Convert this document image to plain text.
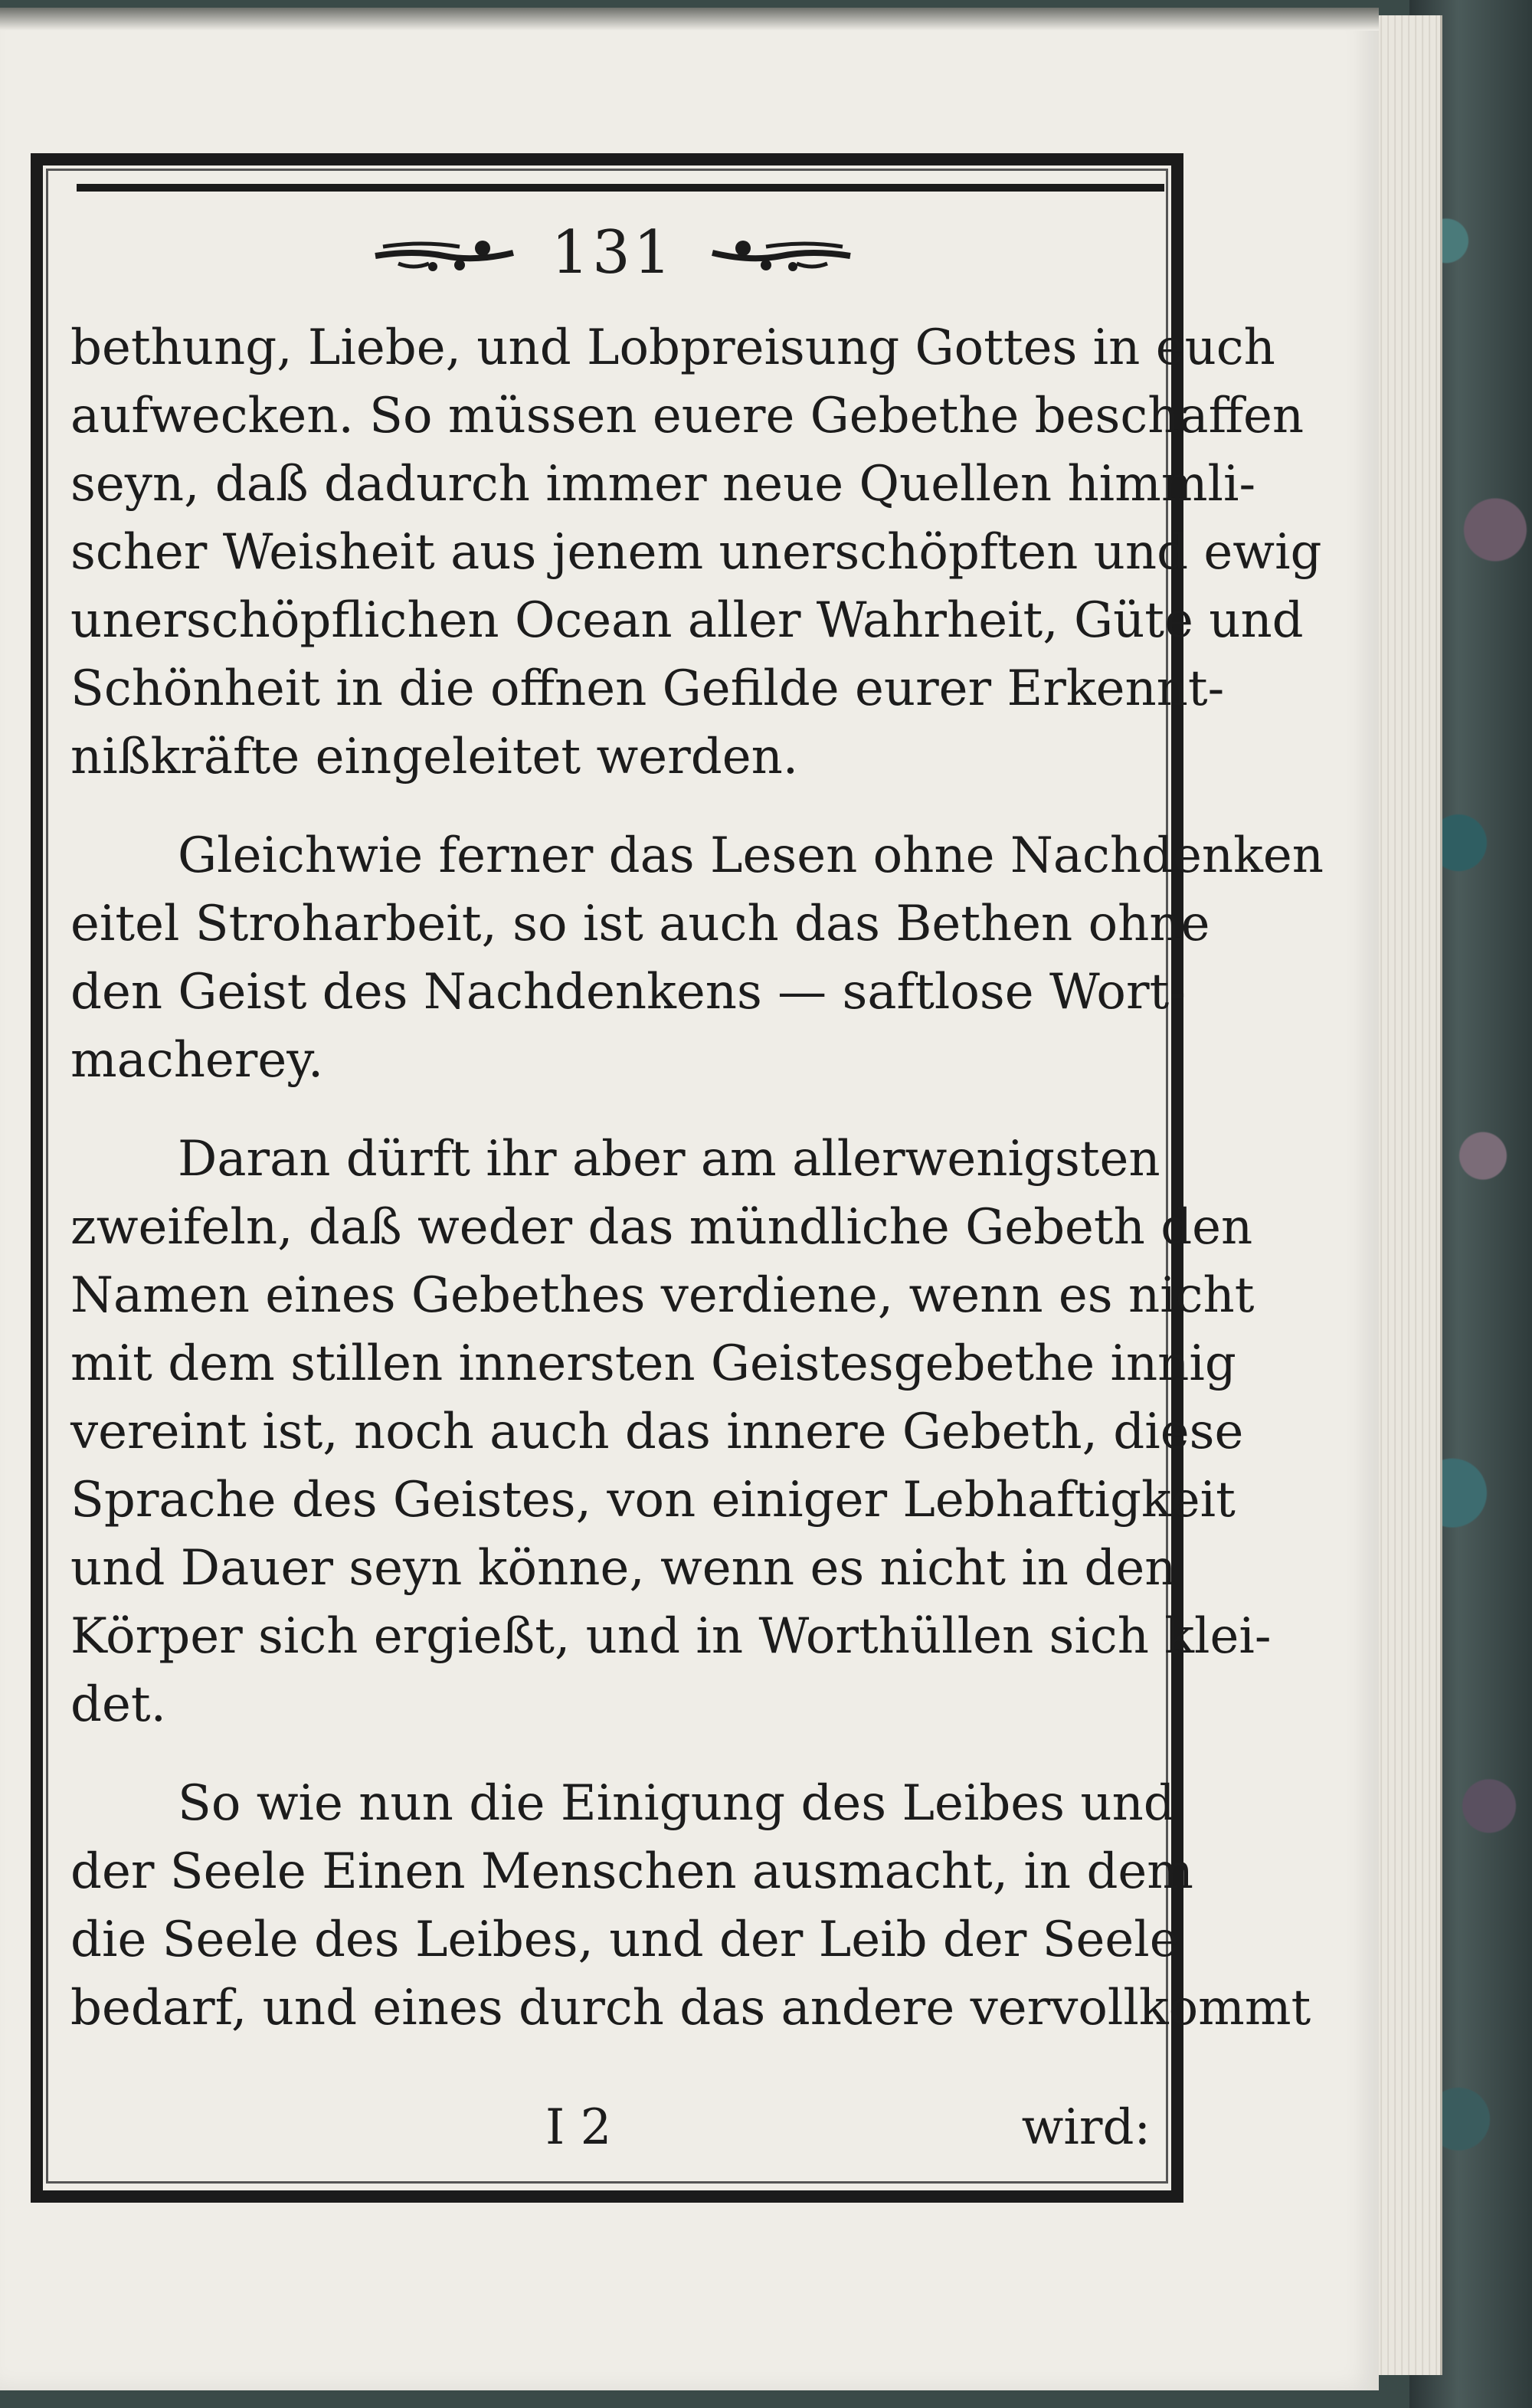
131
bethung, Liebe, und Lobpreisung Gottes in euch
aufwecken. So müssen euere Gebethe beschaffen
seyn, daß dadurch immer neue Quellen himmli-
scher Weisheit aus jenem unerschöpften und ewig
unerschöpflichen Ocean aller Wahrheit, Güte und
Schönheit in die offnen Gefilde eurer Erkennt-
nißkräfte eingeleitet werden.
Gleichwie ferner das Lesen ohne Nachdenken
eitel Stroharbeit, so ist auch das Bethen ohne
den Geist des Nachdenkens — saftlose Wort-
macherey.
Daran dürft ihr aber am allerwenigsten
zweifeln, daß weder das mündliche Gebeth den
Namen eines Gebethes verdiene, wenn es nicht
mit dem stillen innersten Geistesgebethe innig
vereint ist, noch auch das innere Gebeth, diese
Sprache des Geistes, von einiger Lebhaftigkeit
und Dauer seyn könne, wenn es nicht in den
Körper sich ergießt, und in Worthüllen sich klei-
det.
So wie nun die Einigung des Leibes und
der Seele Einen Menschen ausmacht, in dem
die Seele des Leibes, und der Leib der Seele
bedarf, und eines durch das andere vervollkommt
I 2	wird:
